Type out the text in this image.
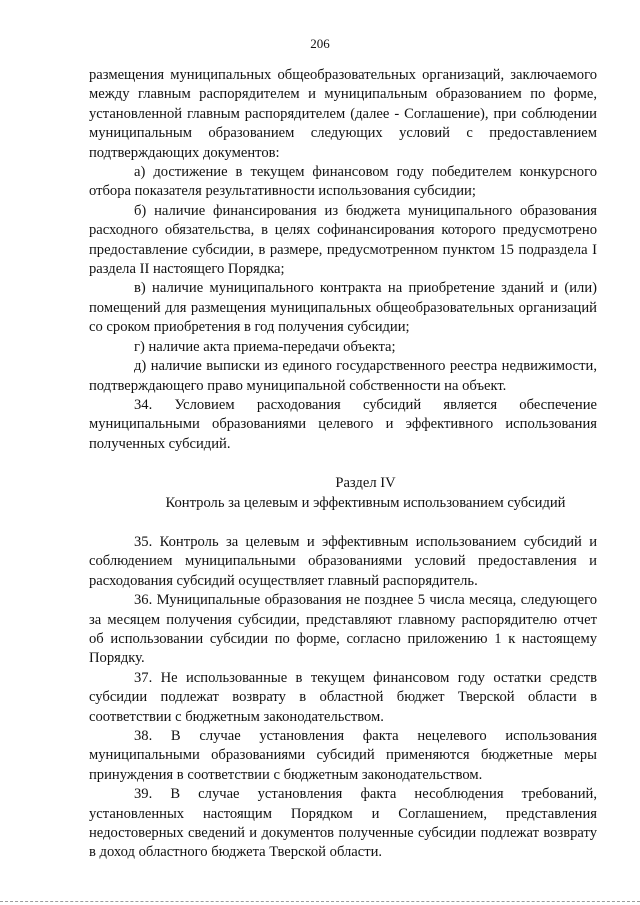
206

размещения муниципальных общеобразовательных организаций, заключаемого между главным распорядителем и муниципальным образованием по форме, установленной главным распорядителем (далее - Соглашение), при соблюдении муниципальным образованием следующих условий с предоставлением подтверждающих документов:

а) достижение в текущем финансовом году победителем конкурсного отбора показателя результативности использования субсидии;

б) наличие финансирования из бюджета муниципального образования расходного обязательства, в целях софинансирования которого предусмотрено предоставление субсидии, в размере, предусмотренном пунктом 15 подраздела I раздела II настоящего Порядка;

в) наличие муниципального контракта на приобретение зданий и (или) помещений для размещения муниципальных общеобразовательных организаций со сроком приобретения в год получения субсидии;

г) наличие акта приема-передачи объекта;

д) наличие выписки из единого государственного реестра недвижимости, подтверждающего право муниципальной собственности на объект.

34. Условием расходования субсидий является обеспечение муниципальными образованиями целевого и эффективного использования полученных субсидий.

Раздел IV

Контроль за целевым и эффективным использованием субсидий

35. Контроль за целевым и эффективным использованием субсидий и соблюдением муниципальными образованиями условий предоставления и расходования субсидий осуществляет главный распорядитель.

36. Муниципальные образования не позднее 5 числа месяца, следующего за месяцем получения субсидии, представляют главному распорядителю отчет об использовании субсидии по форме, согласно приложению 1 к настоящему Порядку.

37. Не использованные в текущем финансовом году остатки средств субсидии подлежат возврату в областной бюджет Тверской области в соответствии с бюджетным законодательством.

38. В случае установления факта нецелевого использования муниципальными образованиями субсидий применяются бюджетные меры принуждения в соответствии с бюджетным законодательством.

39. В случае установления факта несоблюдения требований, установленных настоящим Порядком и Соглашением, представления недостоверных сведений и документов полученные субсидии подлежат возврату в доход областного бюджета Тверской области.
